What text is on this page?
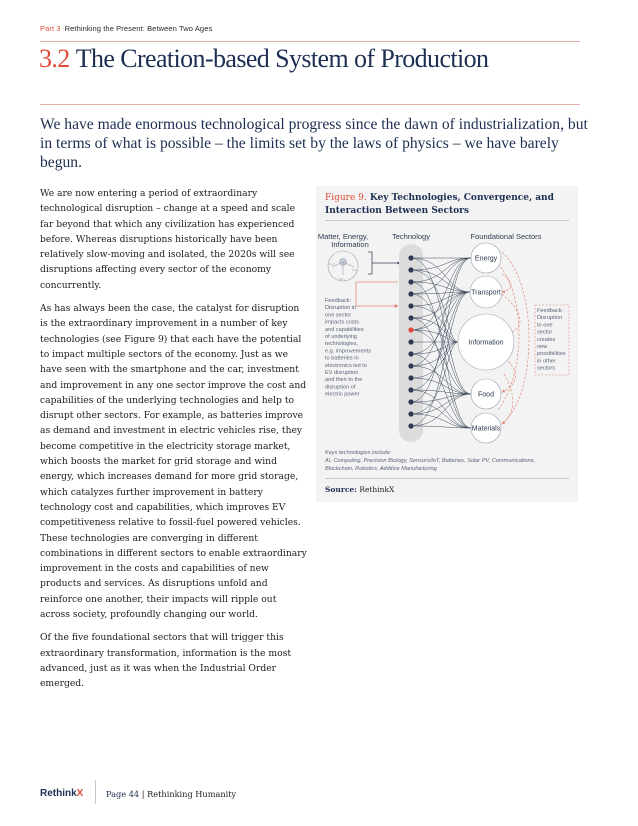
Part 3 Rethinking the Present: Between Two Ages
3.2 The Creation-based System of Production
We have made enormous technological progress since the dawn of industrialization, but in terms of what is possible – the limits set by the laws of physics – we have barely begun.

We are now entering a period of extraordinary technological disruption – change at a speed and scale far beyond that which any civilization has experienced before. Whereas disruptions historically have been relatively slow-moving and isolated, the 2020s will see disruptions affecting every sector of the economy concurrently.

As has always been the case, the catalyst for disruption is the extraordinary improvement in a number of key technologies (see Figure 9) that each have the potential to impact multiple sectors of the economy. Just as we have seen with the smartphone and the car, investment and improvement in any one sector improve the cost and capabilities of the underlying technologies and help to disrupt other sectors. For example, as batteries improve as demand and investment in electric vehicles rise, they become competitive in the electricity storage market, which boosts the market for grid storage and wind energy, which increases demand for more grid storage, which catalyzes further improvement in battery technology cost and capabilities, which improves EV competitiveness relative to fossil-fuel powered vehicles. These technologies are converging in different combinations in different sectors to enable extraordinary improvement in the costs and capabilities of new products and services. As disruptions unfold and reinforce one another, their impacts will ripple out across society, profoundly changing our world.

Of the five foundational sectors that will trigger this extraordinary transformation, information is the most advanced, just as it was when the Industrial Order emerged.

Figure 9. Key Technologies, Convergence, and Interaction Between Sectors
Matter, Energy,
Information
Technology	Foundational Sectors
H₂O
CO₂
NH₃
Feedback: Disruption in one sector impacts costs and capabilities of underlying technologies, e.g. improvements to batteries in electronics led to EV disruption and then to the disruption of electric power
Feedback: Disruption to one sector creates new possibilities in other sectors
Energy
Transport
Information
Food
Materials
Keys technologies include:
AI, Computing, Precision Biology, Sensors/IoT, Batteries, Solar PV, Communications,
Blockchain, Robotics, Additive Manufacturing
Source: RethinkX
RethinkX	Page 44 | Rethinking Humanity
